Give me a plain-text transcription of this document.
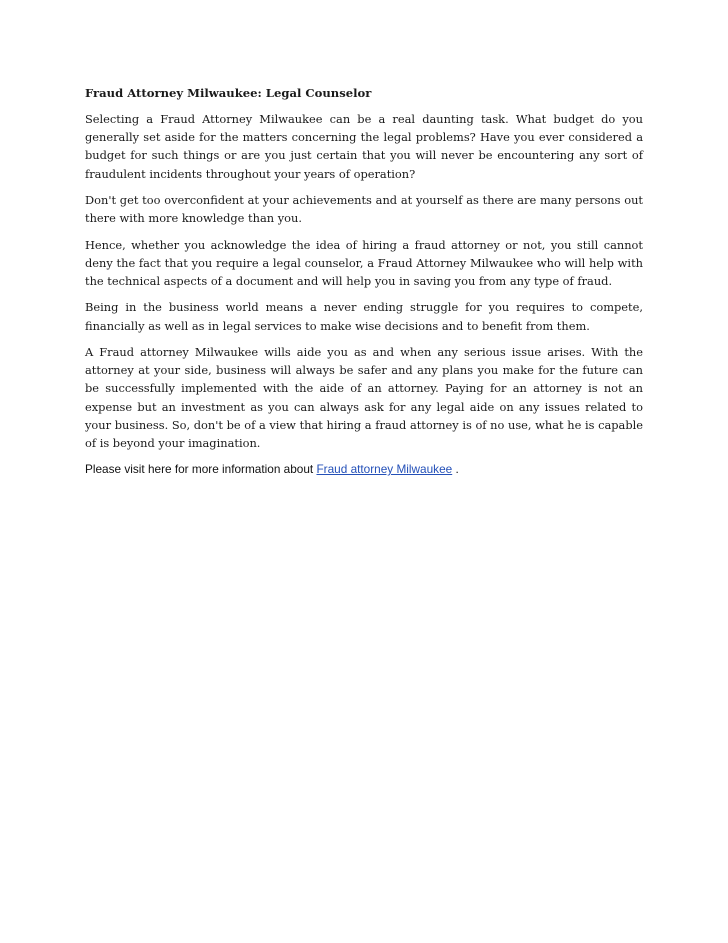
Fraud Attorney Milwaukee: Legal Counselor

Selecting a Fraud Attorney Milwaukee can be a real daunting task. What budget do you generally set aside for the matters concerning the legal problems? Have you ever considered a budget for such things or are you just certain that you will never be encountering any sort of fraudulent incidents throughout your years of operation?

Don't get too overconfident at your achievements and at yourself as there are many persons out there with more knowledge than you.

Hence, whether you acknowledge the idea of hiring a fraud attorney or not, you still cannot deny the fact that you require a legal counselor, a Fraud Attorney Milwaukee who will help with the technical aspects of a document and will help you in saving you from any type of fraud.

Being in the business world means a never ending struggle for you requires to compete, financially as well as in legal services to make wise decisions and to benefit from them.

A Fraud attorney Milwaukee wills aide you as and when any serious issue arises. With the attorney at your side, business will always be safer and any plans you make for the future can be successfully implemented with the aide of an attorney. Paying for an attorney is not an expense but an investment as you can always ask for any legal aide on any issues related to your business. So, don't be of a view that hiring a fraud attorney is of no use, what he is capable of is beyond your imagination.

Please visit here for more information about Fraud attorney Milwaukee .
